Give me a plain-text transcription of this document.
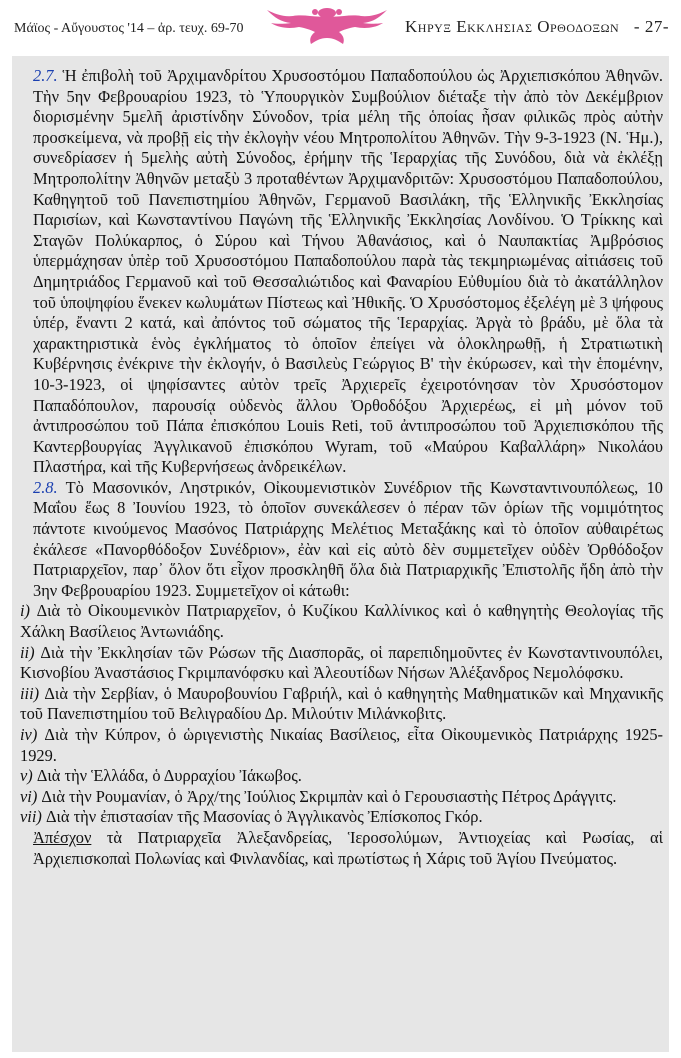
Μάϊος - Αὔγουστος '14 – ἀρ. τευχ. 69-70	Κηρυξ Εκκλησιας Ορθοδοξων - 27-

2.7. Ἡ ἐπιβολὴ τοῦ Ἀρχιμανδρίτου Χρυσοστόμου Παπαδοπούλου ὡς Ἀρχιεπισκόπου Ἀθηνῶν. Τὴν 5ην Φεβρουαρίου 1923, τὸ Ὑπουργικὸν Συμβούλιον διέταξε τὴν ἀπὸ τὸν Δεκέμβριον διορισμένην 5μελῆ ἀριστίνδην Σύνοδον, τρία μέλη τῆς ὁποίας ἦσαν φιλικῶς πρὸς αὐτὴν προσκείμενα, νὰ προβῇ εἰς τὴν ἐκλογὴν νέου Μητροπολίτου Ἀθηνῶν. Τὴν 9-3-1923 (Ν. Ἡμ.), συνεδρίασεν ἡ 5μελὴς αὐτὴ Σύνοδος, ἐρήμην τῆς Ἱεραρχίας τῆς Συνόδου, διὰ νὰ ἐκλέξῃ Μητροπολίτην Ἀθηνῶν μεταξὺ 3 προταθέντων Ἀρχιμανδριτῶν: Χρυσοστόμου Παπαδοπούλου, Καθηγητοῦ τοῦ Πανεπιστημίου Ἀθηνῶν, Γερμανοῦ Βασιλάκη, τῆς Ἑλληνικῆς Ἐκκλησίας Παρισίων, καὶ Κωνσταντίνου Παγώνη τῆς Ἑλληνικῆς Ἐκκλησίας Λονδίνου. Ὁ Τρίκκης καὶ Σταγῶν Πολύκαρπος, ὁ Σύρου καὶ Τήνου Ἀθανάσιος, καὶ ὁ Ναυπακτίας Ἀμβρόσιος ὑπερμάχησαν ὑπὲρ τοῦ Χρυσοστόμου Παπαδοπούλου παρὰ τὰς τεκμηριωμένας αἰτιάσεις τοῦ Δημητριάδος Γερμανοῦ καὶ τοῦ Θεσσαλιώτιδος καὶ Φαναρίου Εὐθυμίου διὰ τὸ ἀκατάλληλον τοῦ ὑποψηφίου ἕνεκεν κωλυμάτων Πίστεως καὶ Ἠθικῆς. Ὁ Χρυσόστομος ἐξελέγη μὲ 3 ψήφους ὑπέρ, ἔναντι 2 κατά, καὶ ἀπόντος τοῦ σώματος τῆς Ἱεραρχίας. Ἀργὰ τὸ βράδυ, μὲ ὅλα τὰ χαρακτηριστικὰ ἑνὸς ἐγκλήματος τὸ ὁποῖον ἐπείγει νὰ ὁλοκληρωθῇ, ἡ Στρατιωτικὴ Κυβέρνησις ἐνέκρινε τὴν ἐκλογήν, ὁ Βασιλεὺς Γεώργιος Β' τὴν ἐκύρωσεν, καὶ τὴν ἑπομένην, 10-3-1923, οἱ ψηφίσαντες αὐτὸν τρεῖς Ἀρχιερεῖς ἐχειροτόνησαν τὸν Χρυσόστομον Παπαδόπουλον, παρουσίᾳ οὐδενὸς ἄλλου Ὀρθοδόξου Ἀρχιερέως, εἰ μὴ μόνον τοῦ ἀντιπροσώπου τοῦ Πάπα ἐπισκόπου Louis Reti, τοῦ ἀντιπροσώπου τοῦ Ἀρχιεπισκόπου τῆς Καντερβουργίας Ἀγγλικανοῦ ἐπισκόπου Wyram, τοῦ «Μαύρου Καβαλλάρη» Νικολάου Πλαστήρα, καὶ τῆς Κυβερνήσεως ἀνδρεικέλων.

2.8. Τὸ Μασονικόν, Ληστρικόν, Οἰκουμενιστικὸν Συνέδριον τῆς Κωνσταντινουπόλεως, 10 Μαΐου ἕως 8 Ἰουνίου 1923, τὸ ὁποῖον συνεκάλεσεν ὁ πέραν τῶν ὁρίων τῆς νομιμότητος πάντοτε κινούμενος Μασόνος Πατριάρχης Μελέτιος Μεταξάκης καὶ τὸ ὁποῖον αὐθαιρέτως ἐκάλεσε «Πανορθόδοξον Συνέδριον», ἐὰν καὶ εἰς αὐτὸ δὲν συμμετεῖχεν οὐδὲν Ὀρθόδοξον Πατριαρχεῖον, παρ᾽ ὅλον ὅτι εἶχον προσκληθῆ ὅλα διὰ Πατριαρχικῆς Ἐπιστολῆς ἤδη ἀπὸ τὴν 3ην Φεβρουαρίου 1923. Συμμετεῖχον οἱ κάτωθι:

i) Διὰ τὸ Οἰκουμενικὸν Πατριαρχεῖον, ὁ Κυζίκου Καλλίνικος καὶ ὁ καθηγητὴς Θεολογίας τῆς Χάλκη Βασίλειος Ἀντωνιάδης.

ii) Διὰ τὴν Ἐκκλησίαν τῶν Ρώσων τῆς Διασπορᾶς, οἱ παρεπιδημοῦντες ἐν Κωνσταντινουπόλει, Κισνοβίου Ἀναστάσιος Γκριμπανόφσκυ καὶ Ἀλεουτίδων Νήσων Ἀλέξανδρος Νεμολόφσκυ.

iii) Διὰ τὴν Σερβίαν, ὁ Μαυροβουνίου Γαβριήλ, καὶ ὁ καθηγητὴς Μαθηματικῶν καὶ Μηχανικῆς τοῦ Πανεπιστημίου τοῦ Βελιγραδίου Δρ. Μιλούτιν Μιλάνκοβιτς.

iv) Διὰ τὴν Κύπρον, ὁ ὡριγενιστὴς Νικαίας Βασίλειος, εἶτα Οἰκουμενικὸς Πατριάρχης 1925-1929.

v) Διὰ τὴν Ἑλλάδα, ὁ Δυρραχίου Ἰάκωβος.

vi) Διὰ τὴν Ρουμανίαν, ὁ Ἀρχ/της Ἰούλιος Σκριμπὰν καὶ ὁ Γερουσιαστὴς Πέτρος Δράγγιτς.

vii) Διὰ τὴν ἐπιστασίαν τῆς Μασονίας ὁ Ἀγγλικανὸς Ἐπίσκοπος Γκόρ.

Ἀπέσχον τὰ Πατριαρχεῖα Ἀλεξανδρείας, Ἱεροσολύμων, Ἀντιοχείας καὶ Ρωσίας, αἱ Ἀρχιεπισκοπαὶ Πολωνίας καὶ Φινλανδίας, καὶ πρωτίστως ἡ Χάρις τοῦ Ἁγίου Πνεύματος.
